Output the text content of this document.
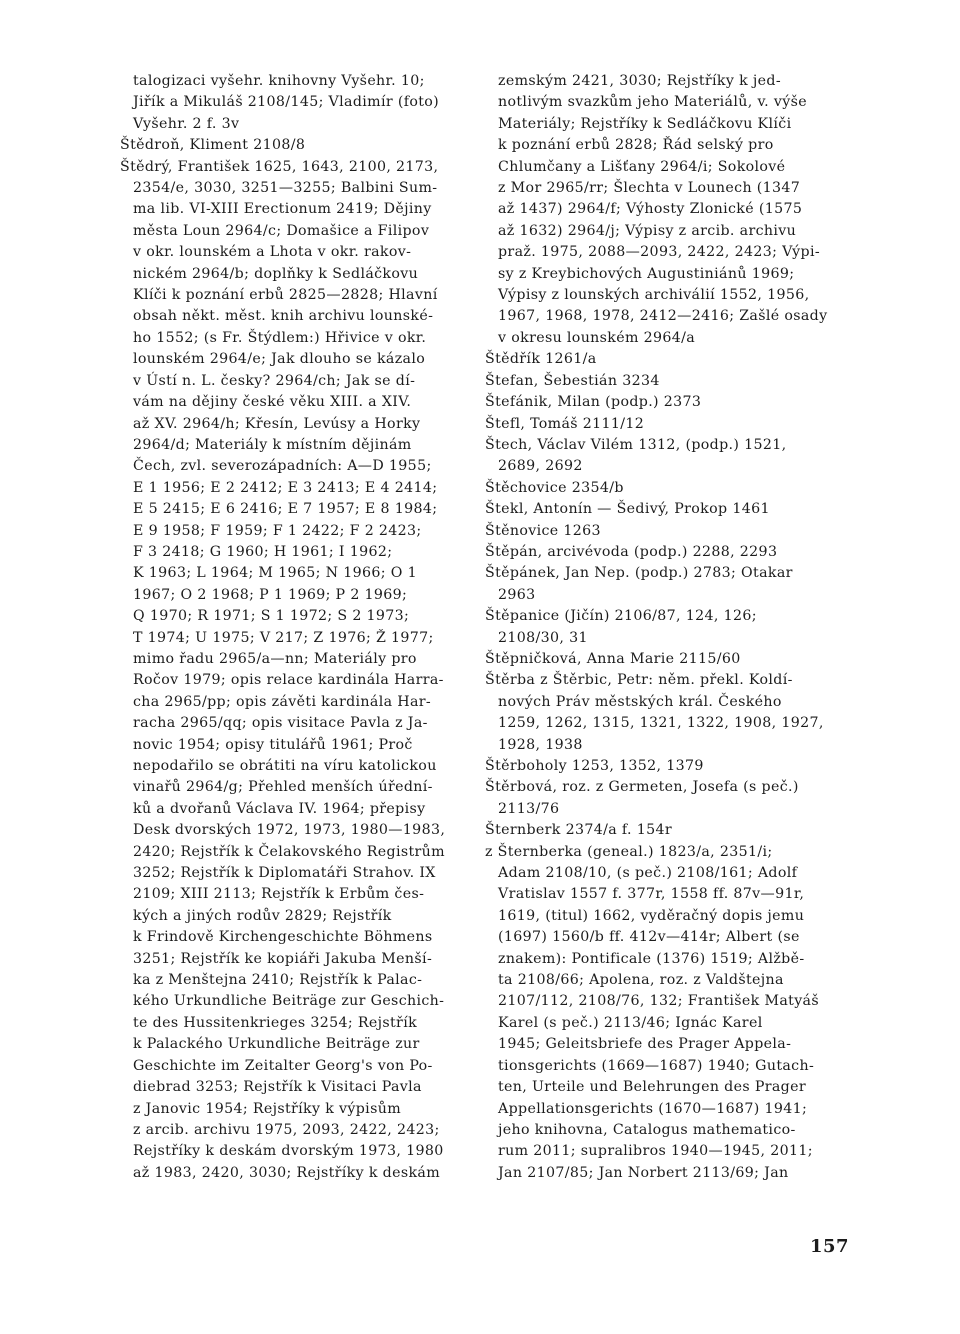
talogizaci vyšehr. knihovny Vyšehr. 10;
Jiřík a Mikuláš 2108/145; Vladimír (foto)
Vyšehr. 2 f. 3v
Štědroň, Kliment 2108/8
Štědrý, František 1625, 1643, 2100, 2173,
2354/e, 3030, 3251—3255; Balbini Sum-
ma lib. VI-XIII Erectionum 2419; Dějiny
města Loun 2964/c; Domašice a Filipov
v okr. lounském a Lhota v okr. rakov-
nickém 2964/b; doplňky k Sedláčkovu
Klíči k poznání erbů 2825—2828; Hlavní
obsah někt. měst. knih archivu lounské-
ho 1552; (s Fr. Štýdlem:) Hřivice v okr.
lounském 2964/e; Jak dlouho se kázalo
v Ústí n. L. česky? 2964/ch; Jak se dí-
vám na dějiny české věku XIII. a XIV.
až XV. 2964/h; Křesín, Levúsy a Horky
2964/d; Materiály k místním dějinám
Čech, zvl. severozápadních: A—D 1955;
E 1 1956; E 2 2412; E 3 2413; E 4 2414;
E 5 2415; E 6 2416; E 7 1957; E 8 1984;
E 9 1958; F 1959; F 1 2422; F 2 2423;
F 3 2418; G 1960; H 1961; I 1962;
K 1963; L 1964; M 1965; N 1966; O 1
1967; O 2 1968; P 1 1969; P 2 1969;
Q 1970; R 1971; S 1 1972; S 2 1973;
T 1974; U 1975; V 217; Z 1976; Ž 1977;
mimo řadu 2965/a—nn; Materiály pro
Ročov 1979; opis relace kardinála Harra-
cha 2965/pp; opis závěti kardinála Har-
racha 2965/qq; opis visitace Pavla z Ja-
novic 1954; opisy titulářů 1961; Proč
nepodařilo se obrátiti na víru katolickou
vinařů 2964/g; Přehled menších úřední-
ků a dvořanů Václava IV. 1964; přepisy
Desk dvorských 1972, 1973, 1980—1983,
2420; Rejstřík k Čelakovského Registrům
3252; Rejstřík k Diplomatáři Strahov. IX
2109; XIII 2113; Rejstřík k Erbům čes-
kých a jiných rodův 2829; Rejstřík
k Frindově Kirchengeschichte Böhmens
3251; Rejstřík ke kopiáři Jakuba Menší-
ka z Menštejna 2410; Rejstřík k Palac-
kého Urkundliche Beiträge zur Geschich-
te des Hussitenkrieges 3254; Rejstřík
k Palackého Urkundliche Beiträge zur
Geschichte im Zeitalter Georg's von Po-
diebrad 3253; Rejstřík k Visitaci Pavla
z Janovic 1954; Rejstříky k výpisům
z arcib. archivu 1975, 2093, 2422, 2423;
Rejstříky k deskám dvorským 1973, 1980
až 1983, 2420, 3030; Rejstříky k deskám
zemským 2421, 3030; Rejstříky k jed-
notlivým svazkům jeho Materiálů, v. výše
Materiály; Rejstříky k Sedláčkovu Klíči
k poznání erbů 2828; Řád selský pro
Chlumčany a Lišťany 2964/i; Sokolové
z Mor 2965/rr; Šlechta v Lounech (1347
až 1437) 2964/f; Výhosty Zlonické (1575
až 1632) 2964/j; Výpisy z arcib. archivu
praž. 1975, 2088—2093, 2422, 2423; Výpi-
sy z Kreybichových Augustiniánů 1969;
Výpisy z lounských archiválií 1552, 1956,
1967, 1968, 1978, 2412—2416; Zašlé osady
v okresu lounském 2964/a
Štědřík 1261/a
Štefan, Šebestián 3234
Štefánik, Milan (podp.) 2373
Štefl, Tomáš 2111/12
Štech, Václav Vilém 1312, (podp.) 1521,
2689, 2692
Štěchovice 2354/b
Štekl, Antonín — Šedivý, Prokop 1461
Štěnovice 1263
Štěpán, arcivévoda (podp.) 2288, 2293
Štěpánek, Jan Nep. (podp.) 2783; Otakar
2963
Štěpanice (Jičín) 2106/87, 124, 126;
2108/30, 31
Štěpničková, Anna Marie 2115/60
Štěrba z Štěrbic, Petr: něm. překl. Koldí-
nových Práv městských král. Českého
1259, 1262, 1315, 1321, 1322, 1908, 1927,
1928, 1938
Štěrboholy 1253, 1352, 1379
Štěrbová, roz. z Germeten, Josefa (s peč.)
2113/76
Šternberk 2374/a f. 154r
z Šternberka (geneal.) 1823/a, 2351/i;
Adam 2108/10, (s peč.) 2108/161; Adolf
Vratislav 1557 f. 377r, 1558 ff. 87v—91r,
1619, (titul) 1662, vyděračný dopis jemu
(1697) 1560/b ff. 412v—414r; Albert (se
znakem): Pontificale (1376) 1519; Alžbě-
ta 2108/66; Apolena, roz. z Valdštejna
2107/112, 2108/76, 132; František Matyáš
Karel (s peč.) 2113/46; Ignác Karel
1945; Geleitsbriefe des Prager Appela-
tionsgerichts (1669—1687) 1940; Gutach-
ten, Urteile und Belehrungen des Prager
Appellationsgerichts (1670—1687) 1941;
jeho knihovna, Catalogus mathematico-
rum 2011; supralibros 1940—1945, 2011;
Jan 2107/85; Jan Norbert 2113/69; Jan
157
